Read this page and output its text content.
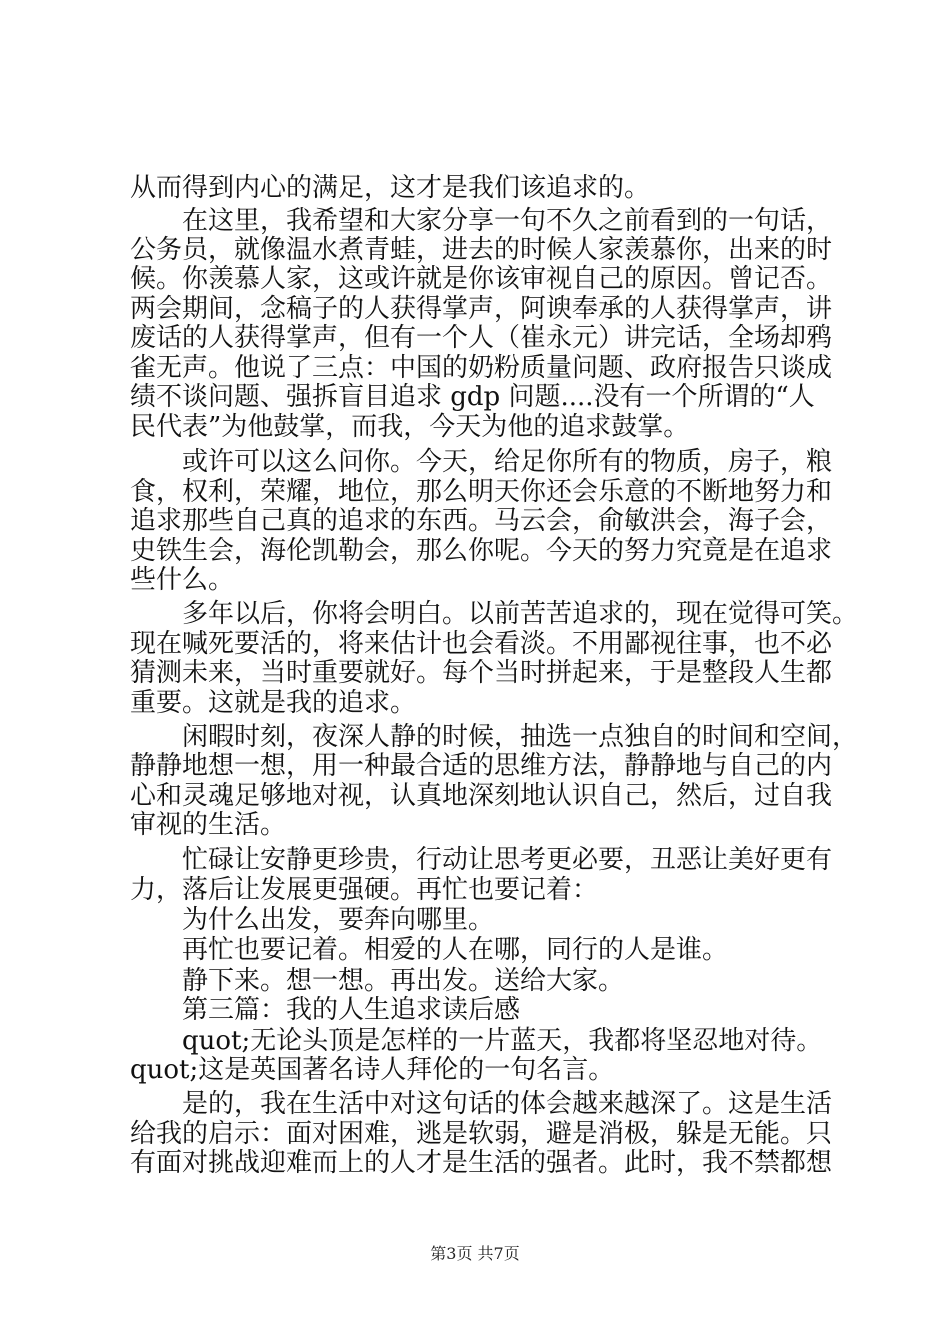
从而得到内心的满足，这才是我们该追求的。
在这里，我希望和大家分享一句不久之前看到的一句话，
公务员，就像温水煮青蛙，进去的时候人家羡慕你，出来的时
候。你羡慕人家，这或许就是你该审视自己的原因。曾记否。
两会期间，念稿子的人获得掌声，阿谀奉承的人获得掌声，讲
废话的人获得掌声，但有一个人（崔永元）讲完话，全场却鸦
雀无声。他说了三点：中国的奶粉质量问题、政府报告只谈成
绩不谈问题、强拆盲目追求 gdp 问题....没有一个所谓的“人
民代表”为他鼓掌，而我，今天为他的追求鼓掌。
或许可以这么问你。今天，给足你所有的物质，房子，粮
食，权利，荣耀，地位，那么明天你还会乐意的不断地努力和
追求那些自己真的追求的东西。马云会，俞敏洪会，海子会，
史铁生会，海伦凯勒会，那么你呢。今天的努力究竟是在追求
些什么。
多年以后，你将会明白。以前苦苦追求的，现在觉得可笑。
现在喊死要活的，将来估计也会看淡。不用鄙视往事，也不必
猜测未来，当时重要就好。每个当时拼起来，于是整段人生都
重要。这就是我的追求。
闲暇时刻，夜深人静的时候，抽选一点独自的时间和空间，
静静地想一想，用一种最合适的思维方法，静静地与自己的内
心和灵魂足够地对视，认真地深刻地认识自己，然后，过自我
审视的生活。
忙碌让安静更珍贵，行动让思考更必要，丑恶让美好更有
力，落后让发展更强硬。再忙也要记着：
为什么出发，要奔向哪里。
再忙也要记着。相爱的人在哪，同行的人是谁。
静下来。想一想。再出发。送给大家。
第三篇：我的人生追求读后感
quot;无论头顶是怎样的一片蓝天，我都将坚忍地对待。
quot;这是英国著名诗人拜伦的一句名言。
是的，我在生活中对这句话的体会越来越深了。这是生活
给我的启示：面对困难，逃是软弱，避是消极，躲是无能。只
有面对挑战迎难而上的人才是生活的强者。此时，我不禁都想
第3页 共7页
